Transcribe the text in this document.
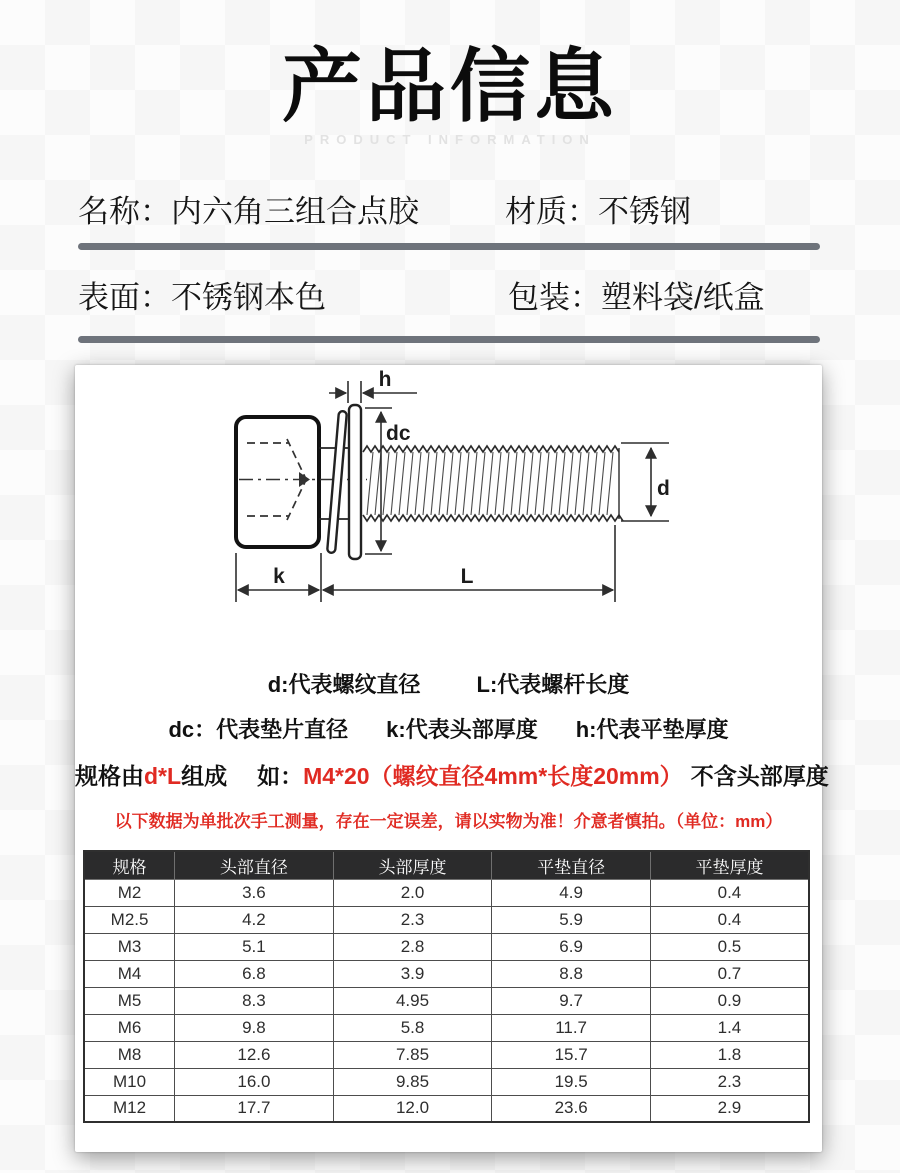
产品信息
PRODUCT INFORMATION
名称：内六角三组合点胶	材质：不锈钢
表面：不锈钢本色	包装：塑料袋/纸盒
h
dc
d
k	L
d:代表螺纹直径	L:代表螺杆长度
dc：代表垫片直径 k:代表头部厚度 h:代表平垫厚度
规格由d*L组成 如：M4*20（螺纹直径4mm*长度20mm） 不含头部厚度
以下数据为单批次手工测量，存在一定误差，请以实物为准！介意者慎拍。（单位：mm）
规格	头部直径	头部厚度	平垫直径	平垫厚度
M2	3.6	2.0	4.9	0.4
M2.5	4.2	2.3	5.9	0.4
M3	5.1	2.8	6.9	0.5
M4	6.8	3.9	8.8	0.7
M5	8.3	4.95	9.7	0.9
M6	9.8	5.8	11.7	1.4
M8	12.6	7.85	15.7	1.8
M10	16.0	9.85	19.5	2.3
M12	17.7	12.0	23.6	2.9
